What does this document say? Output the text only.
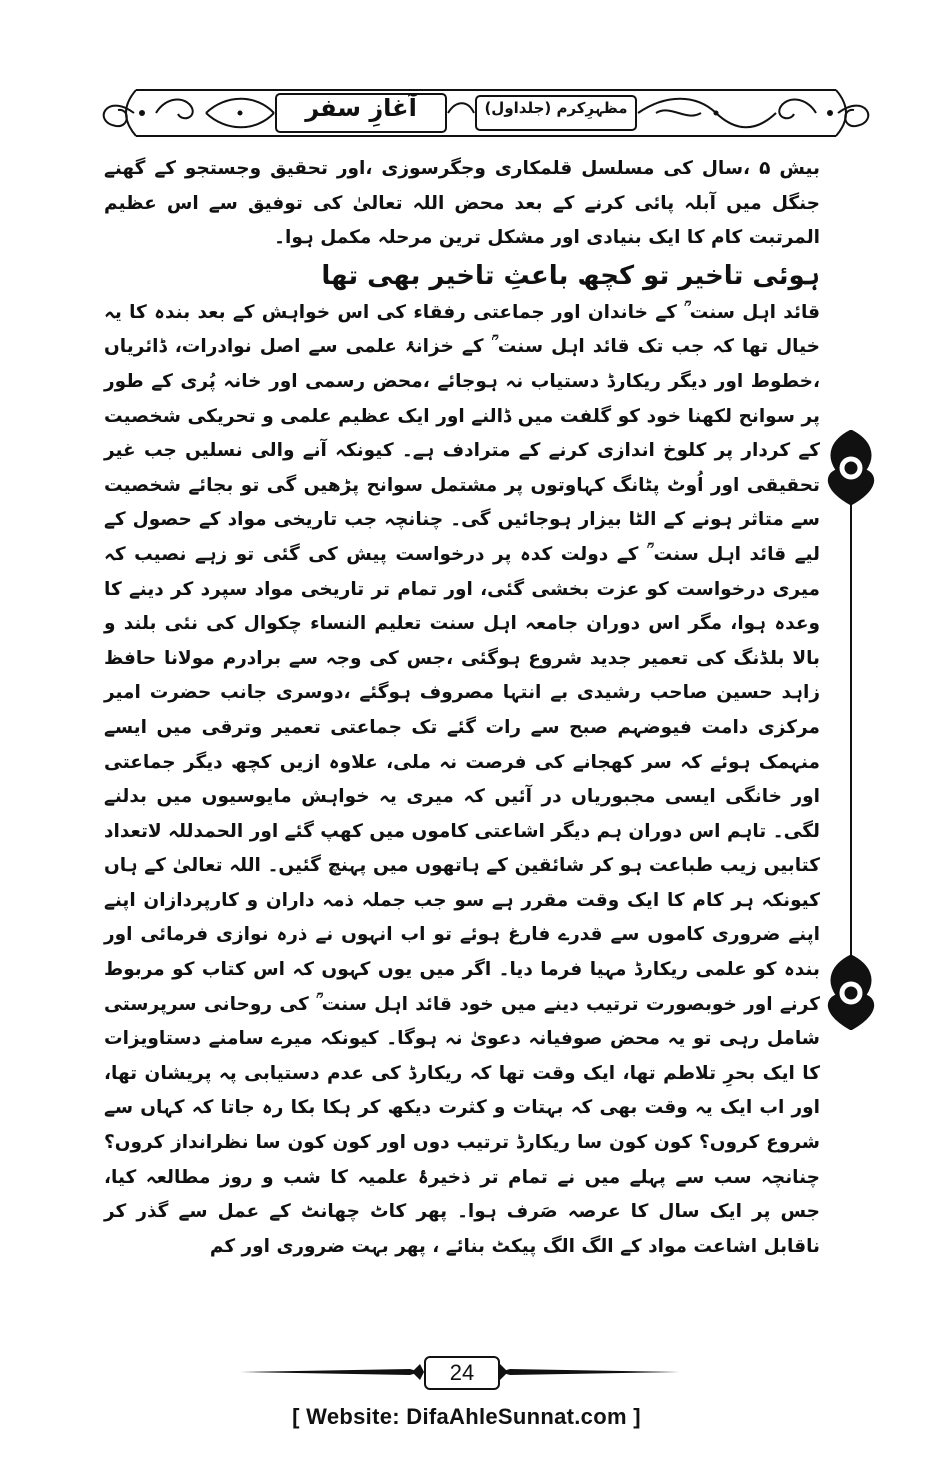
آغازِ سفر	مظہرِکرم (جلداول)

بیش ۵ ،سال کی مسلسل قلمکاری وجگرسوزی ،اور تحقیق وجستجو کے گھنے جنگل میں آبلہ پائی کرنے کے بعد محض اللہ تعالیٰ کی توفیق سے اس عظیم المرتبت کام کا ایک بنیادی اور مشکل ترین مرحلہ مکمل ہوا۔

ہوئی تاخیر تو کچھ باعثِ تاخیر بھی تھا

قائد اہل سنت ؒ کے خاندان اور جماعتی رفقاء کی اس خواہش کے بعد بندہ کا یہ خیال تھا کہ جب تک قائد اہل سنت ؒ کے خزانۂ علمی سے اصل نوادرات، ڈائریاں ،خطوط اور دیگر ریکارڈ دستیاب نہ ہوجائے ،محض رسمی اور خانہ پُری کے طور پر سوانح لکھنا خود کو گلفت میں ڈالنے اور ایک عظیم علمی و تحریکی شخصیت کے کردار پر کلوخ اندازی کرنے کے مترادف ہے۔ کیونکہ آنے والی نسلیں جب غیر تحقیقی اور اُوٹ پٹانگ کہاوتوں پر مشتمل سوانح پڑھیں گی تو بجائے شخصیت سے متاثر ہونے کے الٹا بیزار ہوجائیں گی۔ چنانچہ جب تاریخی مواد کے حصول کے لیے قائد اہل سنت ؒ کے دولت کدہ پر درخواست پیش کی گئی تو زہے نصیب کہ میری درخواست کو عزت بخشی گئی، اور تمام تر تاریخی مواد سپرد کر دینے کا وعدہ ہوا، مگر اس دوران جامعہ اہل سنت تعلیم النساء چکوال کی نئی بلند و بالا بلڈنگ کی تعمیر جدید شروع ہوگئی ،جس کی وجہ سے برادرم مولانا حافظ زاہد حسین صاحب رشیدی بے انتہا مصروف ہوگئے ،دوسری جانب حضرت امیر مرکزی دامت فیوضہم صبح سے رات گئے تک جماعتی تعمیر وترقی میں ایسے منہمک ہوئے کہ سر کھجانے کی فرصت نہ ملی، علاوہ ازیں کچھ دیگر جماعتی اور خانگی ایسی مجبوریاں در آئیں کہ میری یہ خواہش مایوسیوں میں بدلنے لگی۔ تاہم اس دوران ہم دیگر اشاعتی کاموں میں کھپ گئے اور الحمدللہ لاتعداد کتابیں زیب طباعت ہو کر شائقین کے ہاتھوں میں پہنچ گئیں۔ اللہ تعالیٰ کے ہاں کیونکہ ہر کام کا ایک وقت مقرر ہے سو جب جملہ ذمہ داران و کارپردازان اپنے اپنے ضروری کاموں سے قدرے فارغ ہوئے تو اب انہوں نے ذرہ نوازی فرمائی اور بندہ کو علمی ریکارڈ مہیا فرما دیا۔ اگر میں یوں کہوں کہ اس کتاب کو مربوط کرنے اور خوبصورت ترتیب دینے میں خود قائد اہل سنت ؒ کی روحانی سرپرستی شامل رہی تو یہ محض صوفیانہ دعویٰ نہ ہوگا۔ کیونکہ میرے سامنے دستاویزات کا ایک بحرِ تلاطم تھا، ایک وقت تھا کہ ریکارڈ کی عدم دستیابی پہ پریشان تھا، اور اب ایک یہ وقت بھی کہ بہتات و کثرت دیکھ کر ہکا بکا رہ جاتا کہ کہاں سے شروع کروں؟ کون کون سا ریکارڈ ترتیب دوں اور کون کون سا نظرانداز کروں؟ چنانچہ سب سے پہلے میں نے تمام تر ذخیرۂ علمیہ کا شب و روز مطالعہ کیا، جس پر ایک سال کا عرصہ صَرف ہوا۔ پھر کاٹ چھانٹ کے عمل سے گذر کر ناقابل اشاعت مواد کے الگ الگ پیکٹ بنائے ، پھر بہت ضروری اور کم

24
[ Website: DifaAhleSunnat.com ]
